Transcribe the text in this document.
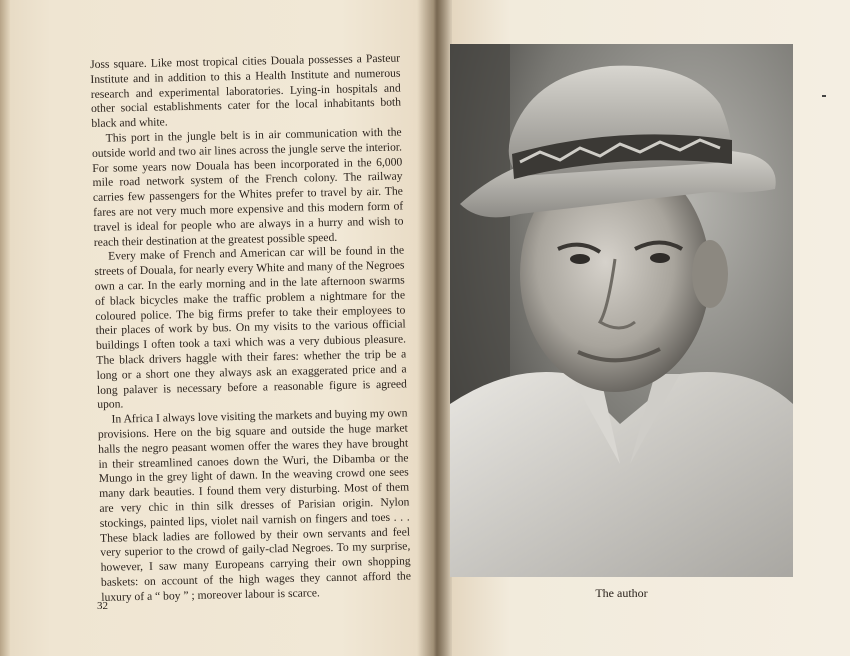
Joss square. Like most tropical cities Douala possesses a Pasteur Institute and in addition to this a Health Institute and numerous research and experimental laboratories. Lying-in hospitals and other social establishments cater for the local inhabitants both black and white.

This port in the jungle belt is in air communication with the outside world and two air lines across the jungle serve the interior. For some years now Douala has been incorporated in the 6,000 mile road network system of the French colony. The railway carries few passengers for the Whites prefer to travel by air. The fares are not very much more expensive and this modern form of travel is ideal for people who are always in a hurry and wish to reach their destination at the greatest possible speed.

Every make of French and American car will be found in the streets of Douala, for nearly every White and many of the Negroes own a car. In the early morning and in the late afternoon swarms of black bicycles make the traffic problem a nightmare for the coloured police. The big firms prefer to take their employees to their places of work by bus. On my visits to the various official buildings I often took a taxi which was a very dubious pleasure. The black drivers haggle with their fares: whether the trip be a long or a short one they always ask an exaggerated price and a long palaver is necessary before a reasonable figure is agreed upon.

In Africa I always love visiting the markets and buying my own provisions. Here on the big square and outside the huge market halls the negro peasant women offer the wares they have brought in their streamlined canoes down the Wuri, the Dibamba or the Mungo in the grey light of dawn. In the weaving crowd one sees many dark beauties. I found them very disturbing. Most of them are very chic in thin silk dresses of Parisian origin. Nylon stockings, painted lips, violet nail varnish on fingers and toes . . . These black ladies are followed by their own servants and feel very superior to the crowd of gaily-clad Negroes. To my surprise, however, I saw many Europeans carrying their own shopping baskets: on account of the high wages they cannot afford the luxury of a “ boy ” ; moreover labour is scarce.

32
The author
